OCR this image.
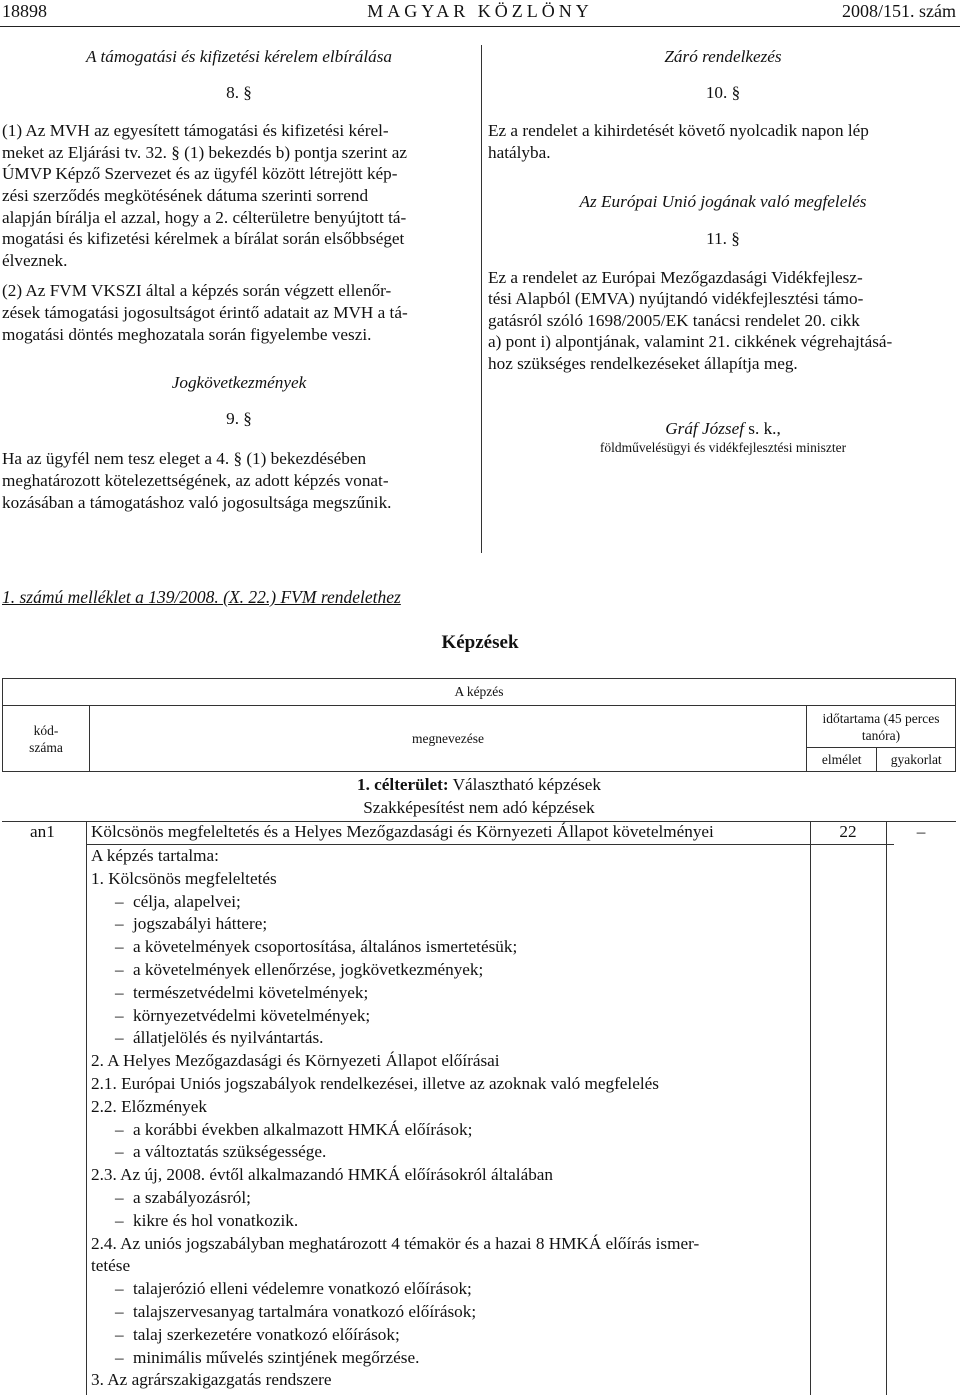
18898	MAGYAR KÖZLÖNY	2008/151. szám

A támogatási és kifizetési kérelem elbírálása

8. §

(1) Az MVH az egyesített támogatási és kifizetési kérel-
meket az Eljárási tv. 32. § (1) bekezdés b) pontja szerint az
ÚMVP Képző Szervezet és az ügyfél között létrejött kép-
zési szerződés megkötésének dátuma szerinti sorrend
alapján bírálja el azzal, hogy a 2. célterületre benyújtott tá-
mogatási és kifizetési kérelmek a bírálat során elsőbbséget
élveznek.
(2) Az FVM VKSZI által a képzés során végzett ellenőr-
zések támogatási jogosultságot érintő adatait az MVH a tá-
mogatási döntés meghozatala során figyelembe veszi.

Jogkövetkezmények

9. §

Ha az ügyfél nem tesz eleget a 4. § (1) bekezdésében
meghatározott kötelezettségének, az adott képzés vonat-
kozásában a támogatáshoz való jogosultsága megszűnik.

Záró rendelkezés

10. §

Ez a rendelet a kihirdetését követő nyolcadik napon lép
hatályba.

Az Európai Unió jogának való megfelelés

11. §

Ez a rendelet az Európai Mezőgazdasági Vidékfejlesz-
tési Alapból (EMVA) nyújtandó vidékfejlesztési támo-
gatásról szóló 1698/2005/EK tanácsi rendelet 20. cikk
a) pont i) alpontjának, valamint 21. cikkének végrehajtásá-
hoz szükséges rendelkezéseket állapítja meg.

Gráf József s. k.,

földművelésügyi és vidékfejlesztési miniszter

1. számú melléklet a 139/2008. (X. 22.) FVM rendelethez
Képzések
A képzés			
kód-
száma	megnevezése	időtartama (45 perces tanóra)	
		elmélet	gyakorlat
1. célterület: Választható képzések
Szakképesítést nem adó képzések
an1 Kölcsönös megfeleltetés és a Helyes Mezőgazdasági és Környezeti Állapot követelményei	22	–
A képzés tartalma:
1. Kölcsönös megfeleltetés
– célja, alapelvei;
– jogszabályi háttere;
– a követelmények csoportosítása, általános ismertetésük;
– a követelmények ellenőrzése, jogkövetkezmények;
– természetvédelmi követelmények;
– környezetvédelmi követelmények;
– állatjelölés és nyilvántartás.
2. A Helyes Mezőgazdasági és Környezeti Állapot előírásai
2.1. Európai Uniós jogszabályok rendelkezései, illetve az azoknak való megfelelés
2.2. Előzmények
– a korábbi években alkalmazott HMKÁ előírások;
– a változtatás szükségessége.
2.3. Az új, 2008. évtől alkalmazandó HMKÁ előírásokról általában
– a szabályozásról;
– kikre és hol vonatkozik.
2.4. Az uniós jogszabályban meghatározott 4 témakör és a hazai 8 HMKÁ előírás ismer-
tetése
– talajerózió elleni védelemre vonatkozó előírások;
– talajszervesanyag tartalmára vonatkozó előírások;
– talaj szerkezetére vonatkozó előírások;
– minimális művelés szintjének megőrzése.
3. Az agrárszakigazgatás rendszere
